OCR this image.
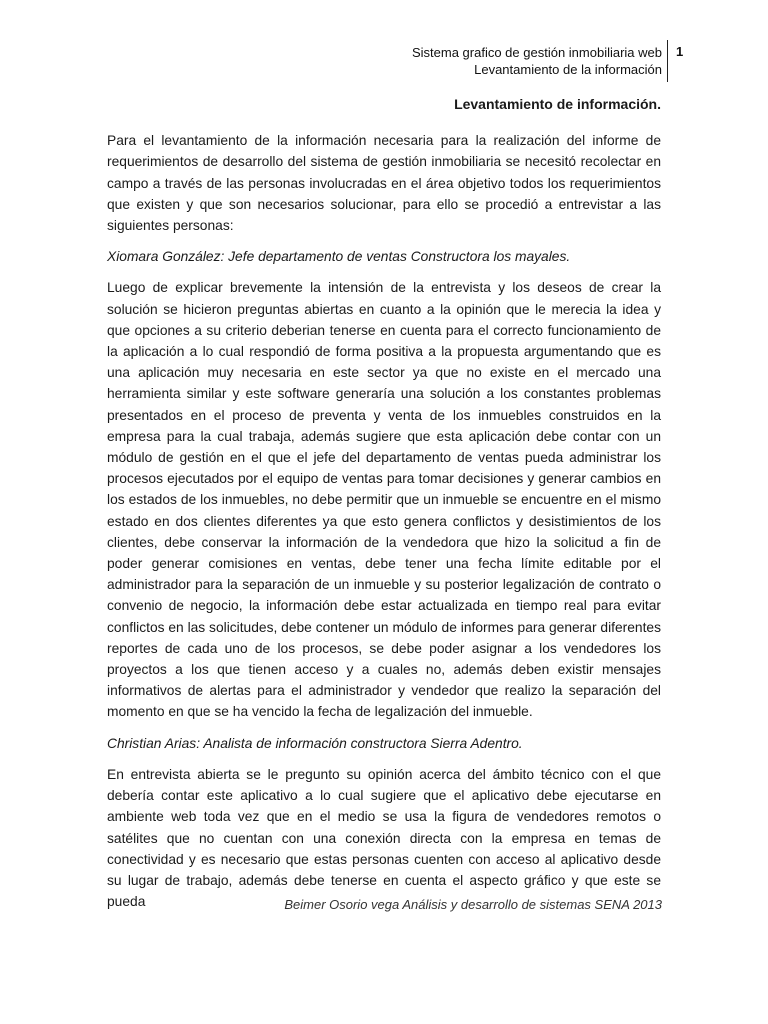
Sistema grafico de gestión inmobiliaria web
Levantamiento de la información
1
Levantamiento de información.

Para el levantamiento de la información necesaria para la realización del informe de requerimientos de desarrollo del sistema de gestión inmobiliaria se necesitó recolectar en campo a través de las personas involucradas en el área objetivo todos los requerimientos que existen y que son necesarios solucionar, para ello se procedió a entrevistar a las siguientes personas:

Xiomara González: Jefe departamento de ventas Constructora los mayales.

Luego de explicar brevemente la intensión de la entrevista y los deseos de crear la solución se hicieron preguntas abiertas en cuanto a la opinión que le merecia la idea y que opciones a su criterio deberian tenerse en cuenta para el correcto funcionamiento de la aplicación a lo cual respondió de forma positiva a la propuesta argumentando que es una aplicación muy necesaria en este sector ya que no existe en el mercado una herramienta similar y este software generaría una solución a los constantes problemas presentados en el proceso de preventa y venta de los inmuebles construidos en la empresa para la cual trabaja, además sugiere que esta aplicación debe contar con un módulo de gestión en el que el jefe del departamento de ventas pueda administrar los procesos ejecutados por el equipo de ventas para tomar decisiones y generar cambios en los estados de los inmuebles, no debe permitir que un inmueble se encuentre en el mismo estado en dos clientes diferentes ya que esto genera conflictos y desistimientos de los clientes, debe conservar la información de la vendedora que hizo la solicitud a fin de poder generar comisiones en ventas, debe tener una fecha límite editable por el administrador para la separación de un inmueble y su posterior legalización de contrato o convenio de negocio, la información debe estar actualizada en tiempo real para evitar conflictos en las solicitudes, debe contener un módulo de informes para generar diferentes reportes de cada uno de los procesos, se debe poder asignar a los vendedores los proyectos a los que tienen acceso y a cuales no, además deben existir mensajes informativos de alertas para el administrador y vendedor que realizo la separación del momento en que se ha vencido la fecha de legalización del inmueble.

Christian Arias: Analista de información constructora Sierra Adentro.

En entrevista abierta se le pregunto su opinión acerca del ámbito técnico con el que debería contar este aplicativo a lo cual sugiere que el aplicativo debe ejecutarse en ambiente web toda vez que en el medio se usa la figura de vendedores remotos o satélites que no cuentan con una conexión directa con la empresa en temas de conectividad y es necesario que estas personas cuenten con acceso al aplicativo desde su lugar de trabajo, además debe tenerse en cuenta el aspecto gráfico y que este se pueda	Beimer Osorio vega Análisis y desarrollo de sistemas SENA 2013
